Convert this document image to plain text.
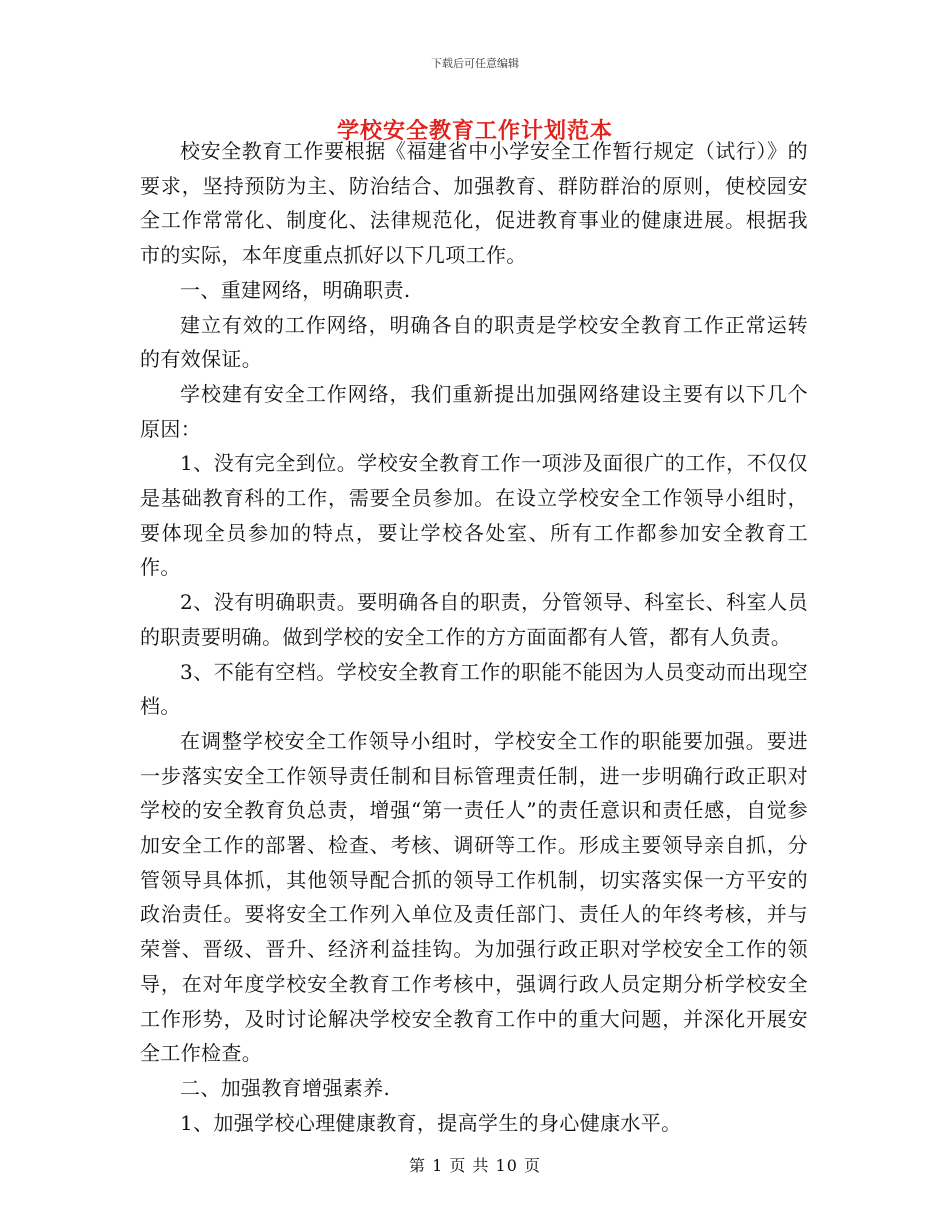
下载后可任意编辑
学校安全教育工作计划范本

校安全教育工作要根据《福建省中小学安全工作暂行规定（试行）》的要求，坚持预防为主、防治结合、加强教育、群防群治的原则，使校园安全工作常常化、制度化、法律规范化，促进教育事业的健康进展。根据我市的实际，本年度重点抓好以下几项工作。

一、重建网络，明确职责.

建立有效的工作网络，明确各自的职责是学校安全教育工作正常运转的有效保证。

学校建有安全工作网络，我们重新提出加强网络建设主要有以下几个原因：

1、没有完全到位。学校安全教育工作一项涉及面很广的工作，不仅仅是基础教育科的工作，需要全员参加。在设立学校安全工作领导小组时，要体现全员参加的特点，要让学校各处室、所有工作都参加安全教育工作。

2、没有明确职责。要明确各自的职责，分管领导、科室长、科室人员的职责要明确。做到学校的安全工作的方方面面都有人管，都有人负责。

3、不能有空档。学校安全教育工作的职能不能因为人员变动而出现空档。

在调整学校安全工作领导小组时，学校安全工作的职能要加强。要进一步落实安全工作领导责任制和目标管理责任制，进一步明确行政正职对学校的安全教育负总责，增强“第一责任人”的责任意识和责任感，自觉参加安全工作的部署、检查、考核、调研等工作。形成主要领导亲自抓，分管领导具体抓，其他领导配合抓的领导工作机制，切实落实保一方平安的政治责任。要将安全工作列入单位及责任部门、责任人的年终考核，并与荣誉、晋级、晋升、经济利益挂钩。为加强行政正职对学校安全工作的领导，在对年度学校安全教育工作考核中，强调行政人员定期分析学校安全工作形势，及时讨论解决学校安全教育工作中的重大问题，并深化开展安全工作检查。

二、加强教育增强素养.

1、加强学校心理健康教育，提高学生的身心健康水平。

第 1 页 共 10 页
